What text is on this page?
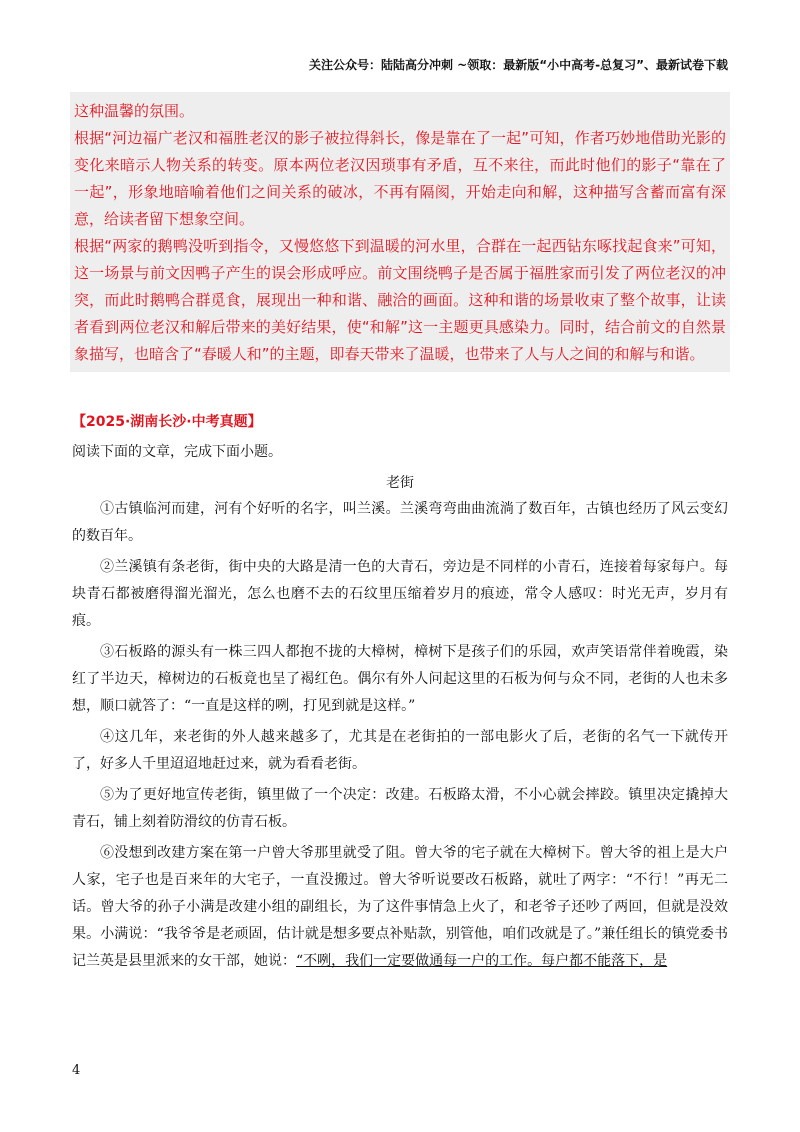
关注公众号：陆陆高分冲刺 ~领取：最新版“小中高考-总复习”、最新试卷下载

这种温馨的氛围。

根据“河边福广老汉和福胜老汉的影子被拉得斜长，像是靠在了一起”可知，作者巧妙地借助光影的变化来暗示人物关系的转变。原本两位老汉因琐事有矛盾，互不来往，而此时他们的影子“靠在了一起”，形象地暗喻着他们之间关系的破冰，不再有隔阂，开始走向和解，这种描写含蓄而富有深意，给读者留下想象空间。

根据“两家的鹅鸭没听到指令，又慢悠悠下到温暖的河水里，合群在一起西钻东啄找起食来”可知，这一场景与前文因鸭子产生的误会形成呼应。前文围绕鸭子是否属于福胜家而引发了两位老汉的冲突，而此时鹅鸭合群觅食，展现出一种和谐、融洽的画面。这种和谐的场景收束了整个故事，让读者看到两位老汉和解后带来的美好结果，使“和解”这一主题更具感染力。同时，结合前文的自然景象描写，也暗含了“春暖人和”的主题，即春天带来了温暖，也带来了人与人之间的和解与和谐。

【2025·湖南长沙·中考真题】
阅读下面的文章，完成下面小题。
老街

①古镇临河而建，河有个好听的名字，叫兰溪。兰溪弯弯曲曲流淌了数百年，古镇也经历了风云变幻的数百年。

②兰溪镇有条老街，街中央的大路是清一色的大青石，旁边是不同样的小青石，连接着每家每户。每块青石都被磨得溜光溜光，怎么也磨不去的石纹里压缩着岁月的痕迹，常令人感叹：时光无声，岁月有痕。

③石板路的源头有一株三四人都抱不拢的大樟树，樟树下是孩子们的乐园，欢声笑语常伴着晚霞，染红了半边天，樟树边的石板竟也呈了褐红色。偶尔有外人问起这里的石板为何与众不同，老街的人也未多想，顺口就答了：“一直是这样的咧，打见到就是这样。”

④这几年，来老街的外人越来越多了，尤其是在老街拍的一部电影火了后，老街的名气一下就传开了，好多人千里迢迢地赶过来，就为看看老街。

⑤为了更好地宣传老街，镇里做了一个决定：改建。石板路太滑，不小心就会摔跤。镇里决定撬掉大青石，铺上刻着防滑纹的仿青石板。

⑥没想到改建方案在第一户曾大爷那里就受了阻。曾大爷的宅子就在大樟树下。曾大爷的祖上是大户人家，宅子也是百来年的大宅子，一直没搬过。曾大爷听说要改石板路，就吐了两字：“不行！”再无二话。曾大爷的孙子小满是改建小组的副组长，为了这件事情急上火了，和老爷子还吵了两回，但就是没效果。小满说：“我爷爷是老顽固，估计就是想多要点补贴款，别管他，咱们改就是了。”兼任组长的镇党委书记兰英是县里派来的女干部，她说：“不咧，我们一定要做通每一户的工作。每户都不能落下，是

4
